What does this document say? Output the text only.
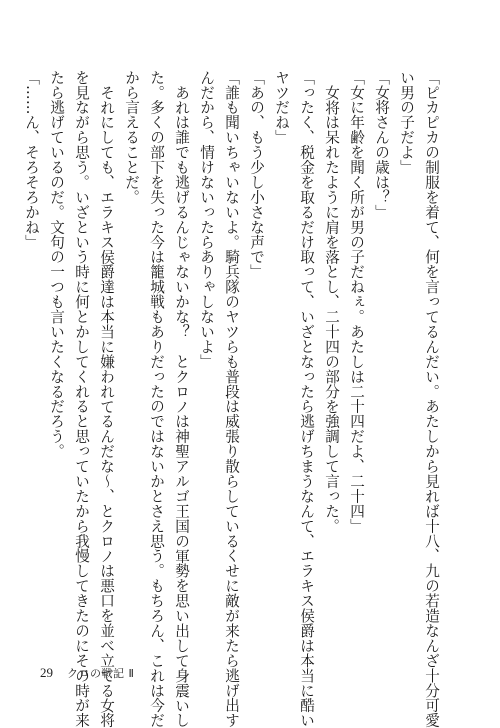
「ピカピカの制服を着て、何を言ってるんだい。あたしから見れば十八、九の若造なんざ十分可愛

い男の子だよ」

「女将さんの歳は？」

「女に年齢を聞く所が男の子だねぇ。あたしは二十四だよ、二十四」

女将は呆れたように肩を落とし、二十四の部分を強調して言った。

「ったく、税金を取るだけ取って、いざとなったら逃げちまうなんて、エラキス侯爵は本当に酷い

ヤツだね」

「あの、もう少し小さな声で」

「誰も聞いちゃいないよ。騎兵隊のヤツらも普段は威張り散らしているくせに敵が来たら逃げ出す

んだから、情けないったらありゃしないよ」

あれは誰でも逃げるんじゃないかな？　とクロノは神聖アルゴ王国の軍勢を思い出して身震いし

た。多くの部下を失った今は籠城戦もありだったのではないかとさえ思う。もちろん、これは今だ

から言えることだ。

それにしても、エラキス侯爵達は本当に嫌われてるんだな～、とクロノは悪口を並べ立てる女将

を見ながら思う。いざという時に何とかしてくれると思っていたから我慢してきたのにその時が来

たら逃げているのだ。文句の一つも言いたくなるだろう。

「……ん、そろそろかね」

29 クロの戦記 Ⅱ
